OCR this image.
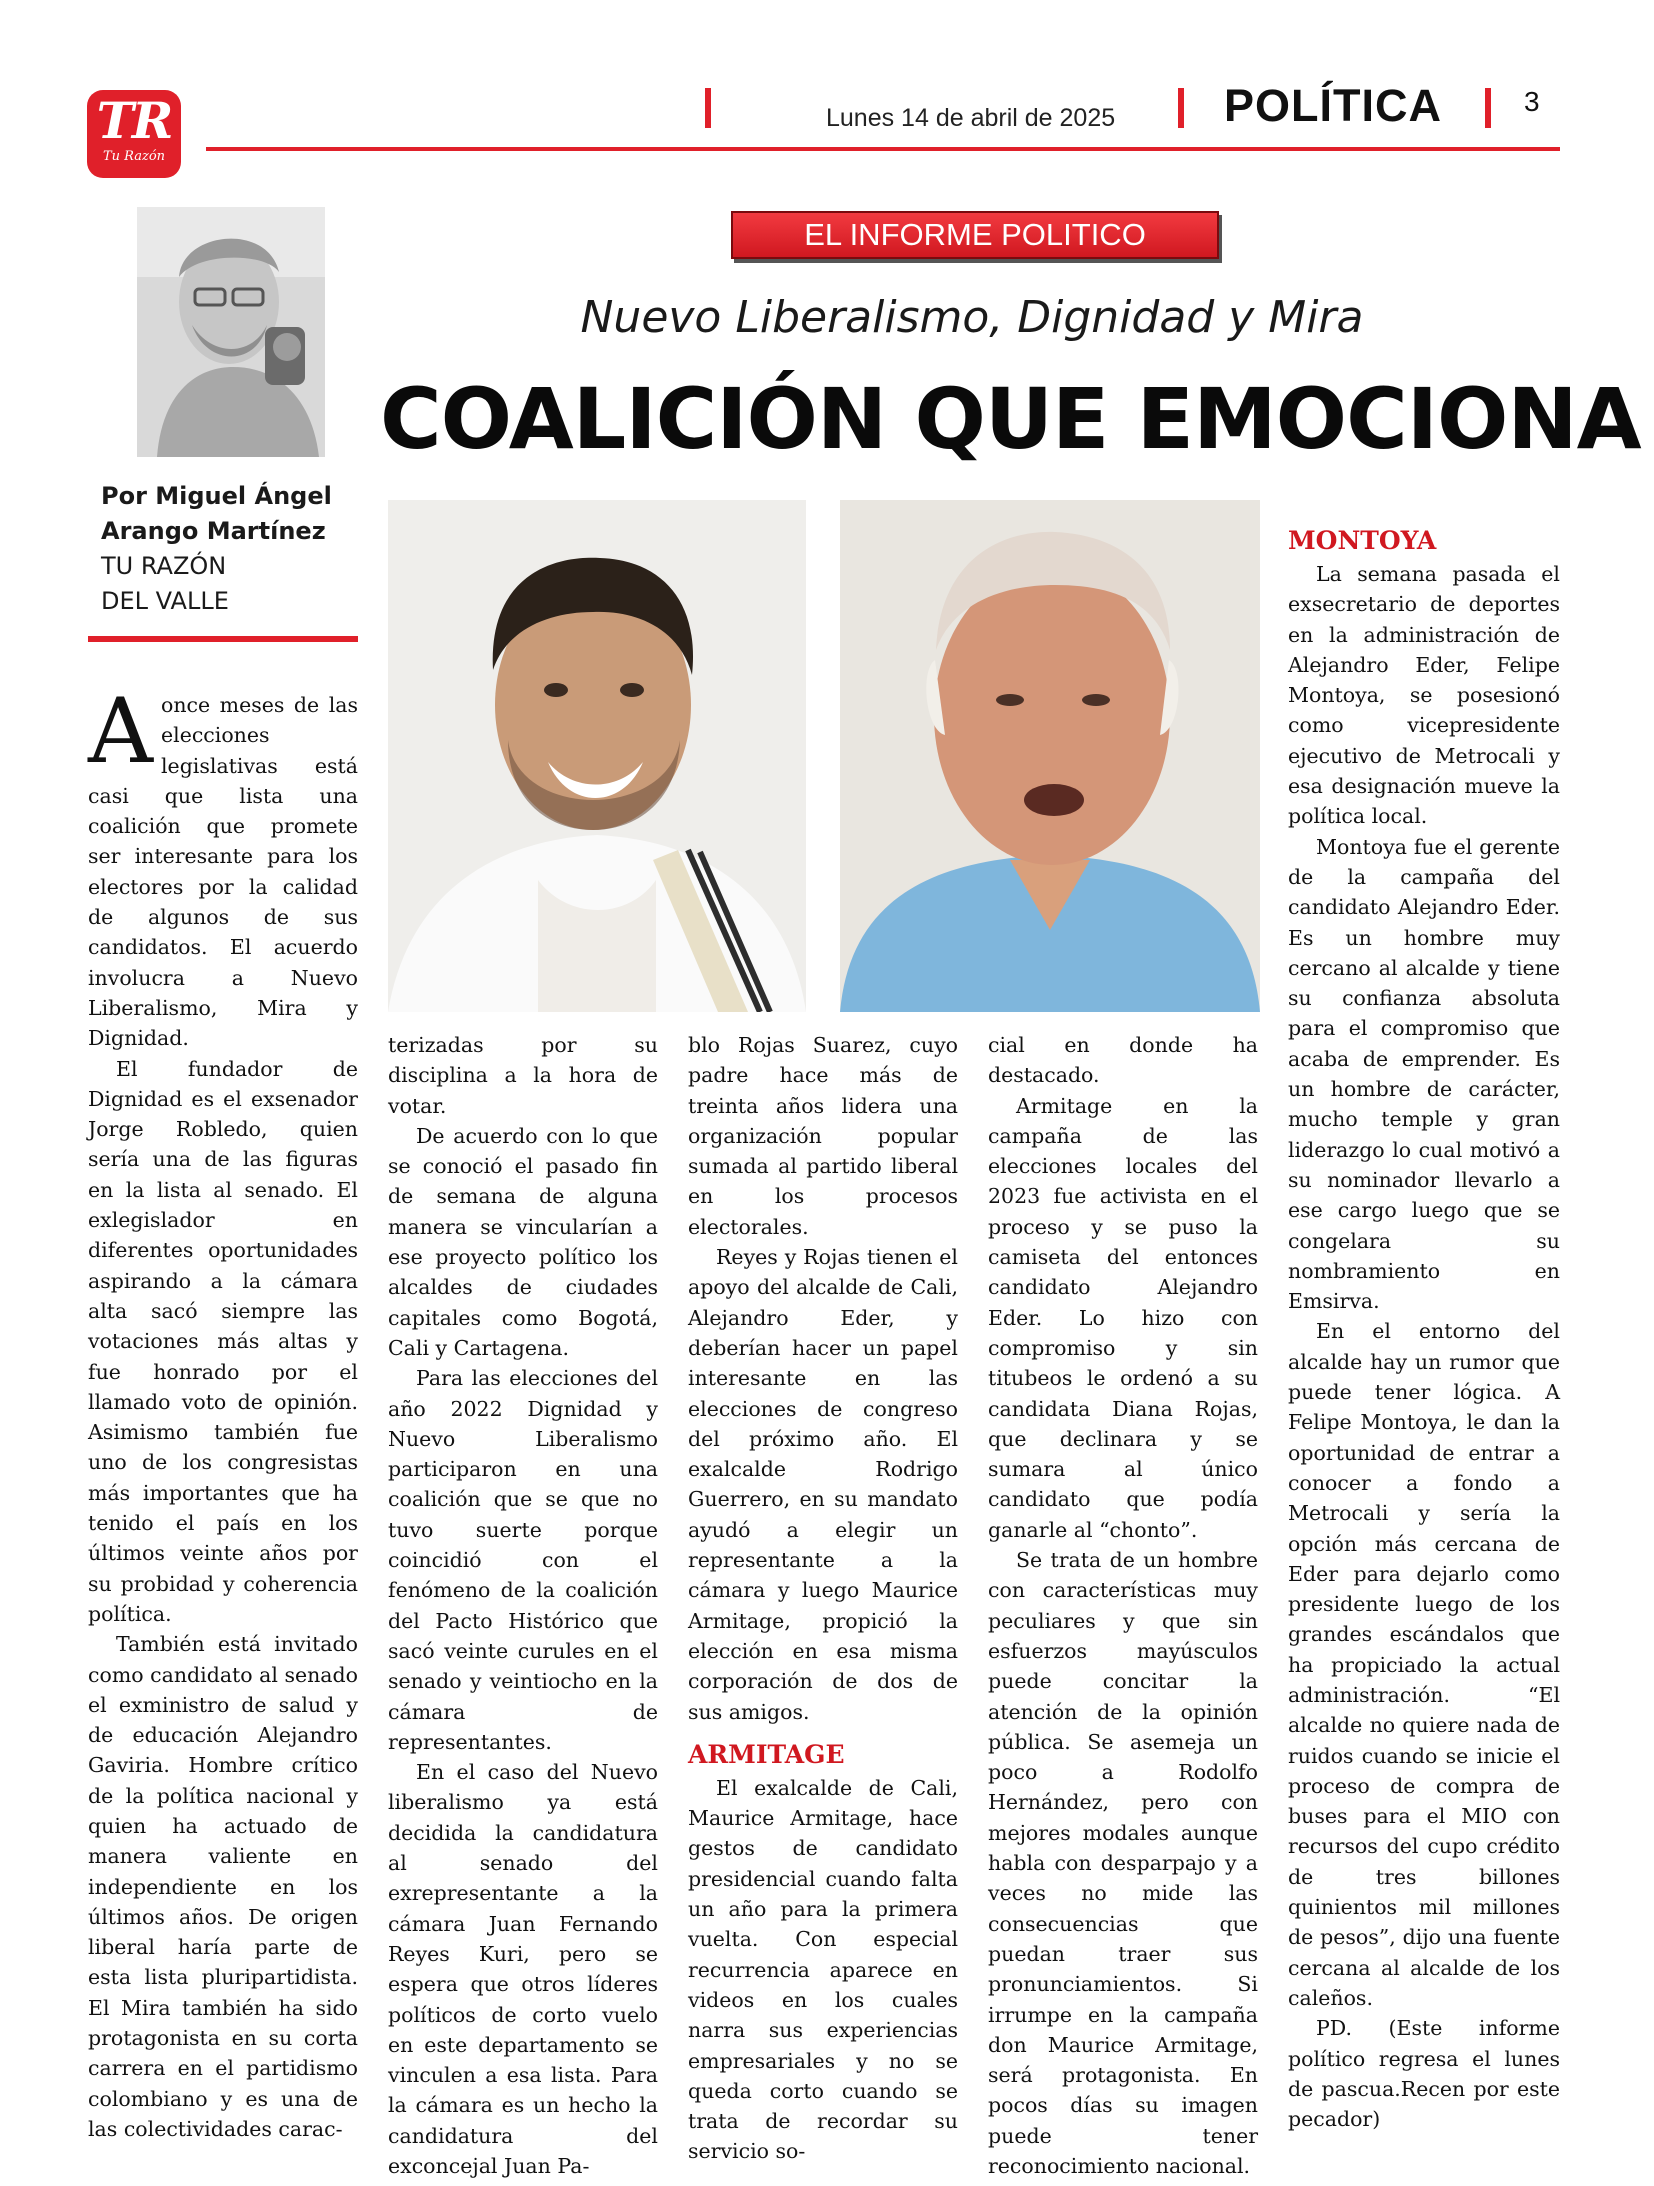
TR
Tu Razón
Lunes 14 de abril de 2025 POLÍTICA	3
Por Miguel Ángel
Arango Martínez
TU RAZÓN
DEL VALLE
EL INFORME POLITICO
Nuevo Liberalismo, Dignidad y Mira
COALICIÓN QUE EMOCIONA

Aonce meses de las elecciones legislativas está casi que lista una coalición que promete ser interesante para los electores por la calidad de algunos de sus candidatos. El acuerdo involucra a Nuevo Liberalismo, Mira y Dignidad.

El fundador de Dignidad es el exsenador Jorge Robledo, quien sería una de las figuras en la lista al senado. El exlegislador en diferentes oportunidades aspirando a la cámara alta sacó siempre las votaciones más altas y fue honrado por el llamado voto de opinión. Asimismo también fue uno de los congresistas más importantes que ha tenido el país en los últimos veinte años por su probidad y coherencia política.

También está invitado como candidato al senado el exministro de salud y de educación Alejandro Gaviria. Hombre crítico de la política nacional y quien ha actuado de manera valiente en independiente en los últimos años. De origen liberal haría parte de esta lista pluripartidista. El Mira también ha sido protagonista en su corta carrera en el partidismo colombiano y es una de las colectividades carac-

terizadas por su disciplina a la hora de votar.

De acuerdo con lo que se conoció el pasado fin de semana de alguna manera se vincularían a ese proyecto político los alcaldes de ciudades capitales como Bogotá, Cali y Cartagena.

Para las elecciones del año 2022 Dignidad y Nuevo Liberalismo participaron en una coalición que se que no tuvo suerte porque coincidió con el fenómeno de la coalición del Pacto Histórico que sacó veinte curules en el senado y veintiocho en la cámara de representantes.

En el caso del Nuevo liberalismo ya está decidida la candidatura al senado del exrepresentante a la cámara Juan Fernando Reyes Kuri, pero se espera que otros líderes políticos de corto vuelo en este departamento se vinculen a esa lista. Para la cámara es un hecho la candidatura del exconcejal Juan Pa-

blo Rojas Suarez, cuyo padre hace más de treinta años lidera una organización popular sumada al partido liberal en los procesos electorales.

Reyes y Rojas tienen el apoyo del alcalde de Cali, Alejandro Eder, y deberían hacer un papel interesante en las elecciones de congreso del próximo año. El exalcalde Rodrigo Guerrero, en su mandato ayudó a elegir un representante a la cámara y luego Maurice Armitage, propició la elección en esa misma corporación de dos de sus amigos.

ARMITAGE

El exalcalde de Cali, Maurice Armitage, hace gestos de candidato presidencial cuando falta un año para la primera vuelta. Con especial recurrencia aparece en videos en los cuales narra sus experiencias empresariales y no se queda corto cuando se trata de recordar su servicio so-

cial en donde ha destacado.

Armitage en la campaña de las elecciones locales del 2023 fue activista en el proceso y se puso la camiseta del entonces candidato Alejandro Eder. Lo hizo con compromiso y sin titubeos le ordenó a su candidata Diana Rojas, que declinara y se sumara al único candidato que podía ganarle al “chonto”.

Se trata de un hombre con características muy peculiares y que sin esfuerzos mayúsculos puede concitar la atención de la opinión pública. Se asemeja un poco a Rodolfo Hernández, pero con mejores modales aunque habla con desparpajo y a veces no mide las consecuencias que puedan traer sus pronunciamientos. Si irrumpe en la campaña don Maurice Armitage, será protagonista. En pocos días su imagen puede tener reconocimiento nacional.

MONTOYA

La semana pasada el exsecretario de deportes en la administración de Alejandro Eder, Felipe Montoya, se posesionó como vicepresidente ejecutivo de Metrocali y esa designación mueve la política local.

Montoya fue el gerente de la campaña del candidato Alejandro Eder. Es un hombre muy cercano al alcalde y tiene su confianza absoluta para el compromiso que acaba de emprender. Es un hombre de carácter, mucho temple y gran liderazgo lo cual motivó a su nominador llevarlo a ese cargo luego que se congelara su nombramiento en Emsirva.

En el entorno del alcalde hay un rumor que puede tener lógica. A Felipe Montoya, le dan la oportunidad de entrar a conocer a fondo a Metrocali y sería la opción más cercana de Eder para dejarlo como presidente luego de los grandes escándalos que ha propiciado la actual administración. “El alcalde no quiere nada de ruidos cuando se inicie el proceso de compra de buses para el MIO con recursos del cupo crédito de tres billones quinientos mil millones de pesos”, dijo una fuente cercana al alcalde de los caleños.

PD. (Este informe político regresa el lunes de pascua.Recen por este pecador)
